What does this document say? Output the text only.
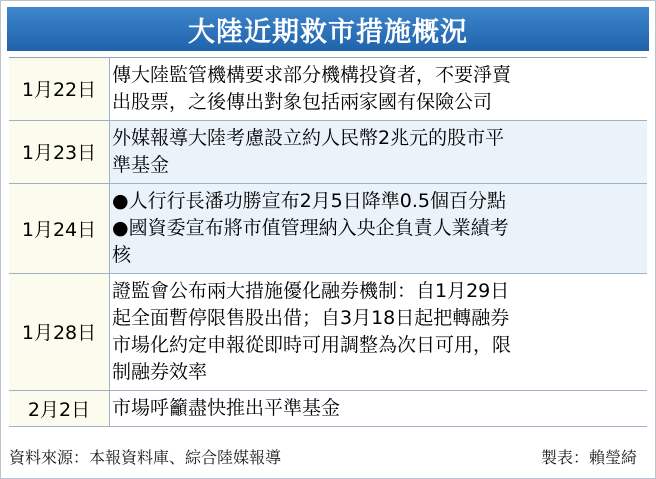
大陸近期救市措施概況
1月22日	傳大陸監管機構要求部分機構投資者，不要淨賣
出股票，之後傳出對象包括兩家國有保險公司

1月23日	外媒報導大陸考慮設立約人民幣2兆元的股市平
準基金

1月24日	●人行行長潘功勝宣布2月5日降準0.5個百分點
●國資委宣布將市值管理納入央企負責人業績考
核

1月28日	證監會公布兩大措施優化融券機制：自1月29日
起全面暫停限售股出借；自3月18日起把轉融券
市場化約定申報從即時可用調整為次日可用，限
制融券效率

2月2日	市場呼籲盡快推出平準基金
資料來源：本報資料庫、綜合陸媒報導	製表：賴瑩綺
